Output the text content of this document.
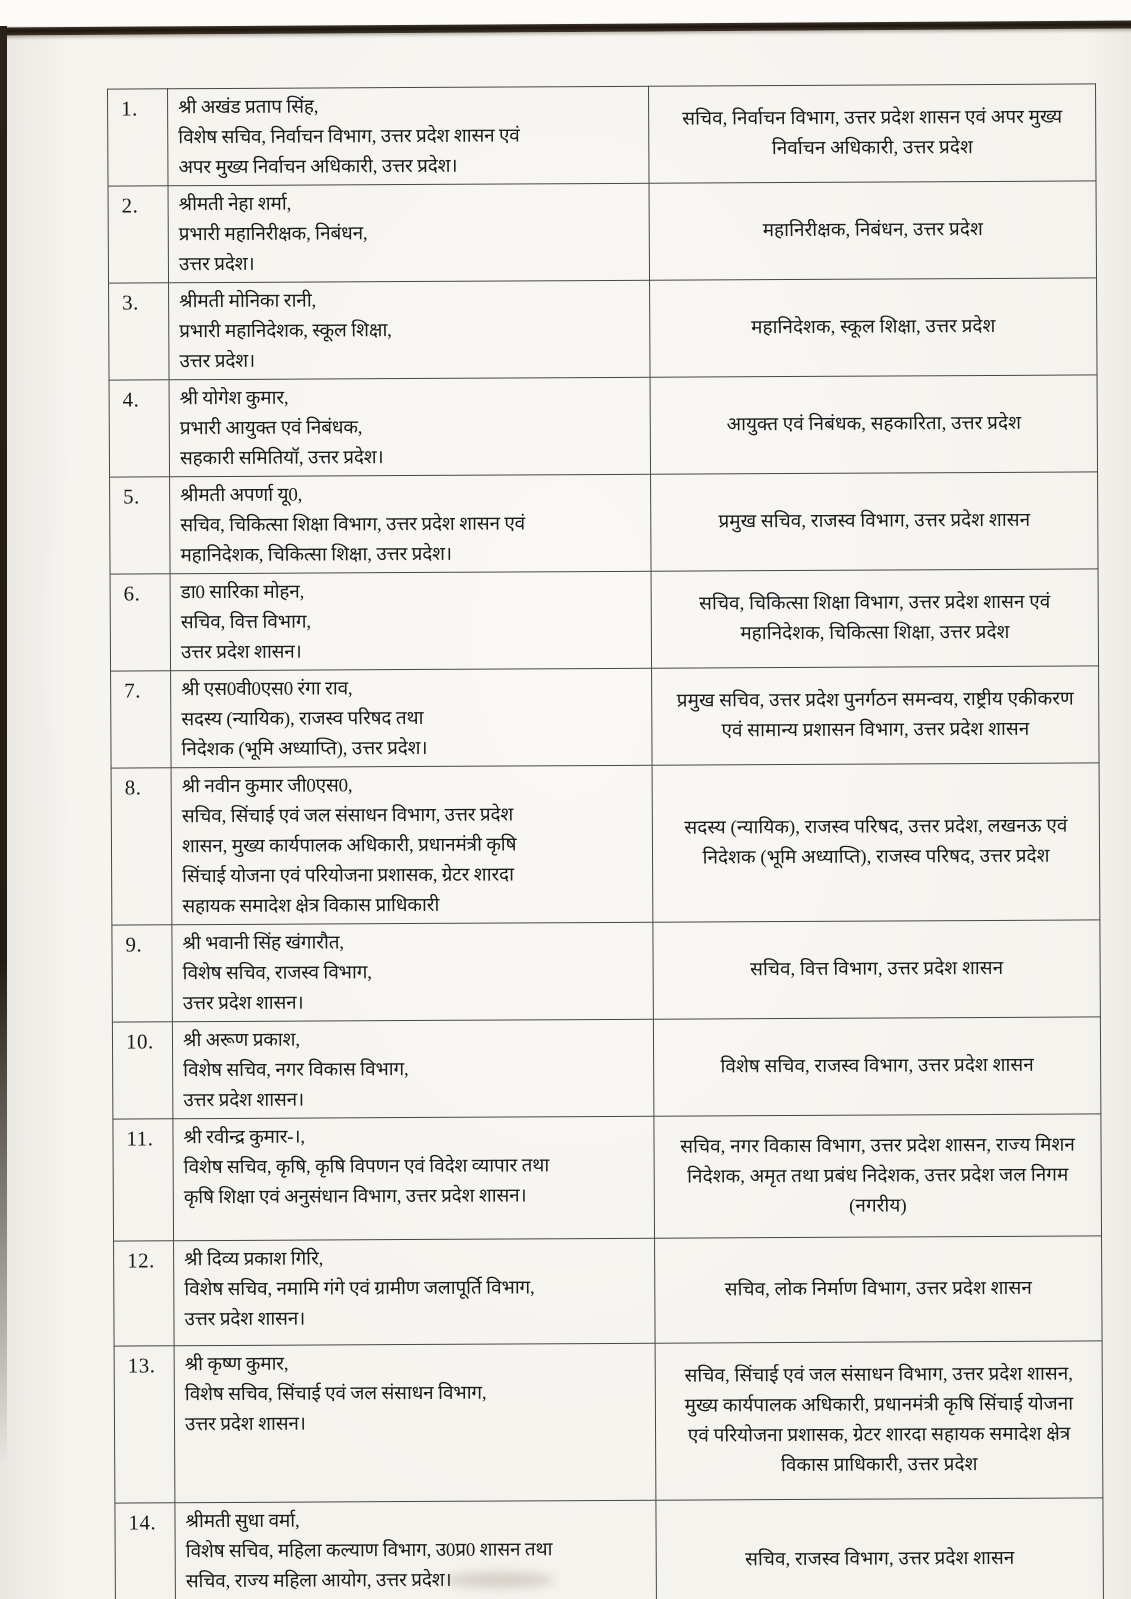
1.	श्री अखंड प्रताप सिंह,
विशेष सचिव, निर्वाचन विभाग, उत्तर प्रदेश शासन एवं
अपर मुख्य निर्वाचन अधिकारी, उत्तर प्रदेश।	सचिव, निर्वाचन विभाग, उत्तर प्रदेश शासन एवं अपर मुख्य निर्वाचन अधिकारी, उत्तर प्रदेश
2.	श्रीमती नेहा शर्मा,
प्रभारी महानिरीक्षक, निबंधन,
उत्तर प्रदेश।	महानिरीक्षक, निबंधन, उत्तर प्रदेश
3.	श्रीमती मोनिका रानी,
प्रभारी महानिदेशक, स्कूल शिक्षा,
उत्तर प्रदेश।	महानिदेशक, स्कूल शिक्षा, उत्तर प्रदेश
4.	श्री योगेश कुमार,
प्रभारी आयुक्त एवं निबंधक,
सहकारी समितियॉ, उत्तर प्रदेश।	आयुक्त एवं निबंधक, सहकारिता, उत्तर प्रदेश
5.	श्रीमती अपर्णा यू0,
सचिव, चिकित्सा शिक्षा विभाग, उत्तर प्रदेश शासन एवं
महानिदेशक, चिकित्सा शिक्षा, उत्तर प्रदेश।	प्रमुख सचिव, राजस्व विभाग, उत्तर प्रदेश शासन
6.	डा0 सारिका मोहन,
सचिव, वित्त विभाग,
उत्तर प्रदेश शासन।	सचिव, चिकित्सा शिक्षा विभाग, उत्तर प्रदेश शासन एवं महानिदेशक, चिकित्सा शिक्षा, उत्तर प्रदेश
7.	श्री एस0वी0एस0 रंगा राव,
सदस्य (न्यायिक), राजस्व परिषद तथा
निदेशक (भूमि अध्याप्ति), उत्तर प्रदेश।	प्रमुख सचिव, उत्तर प्रदेश पुनर्गठन समन्वय, राष्ट्रीय एकीकरण एवं सामान्य प्रशासन विभाग, उत्तर प्रदेश शासन
8.	श्री नवीन कुमार जी0एस0,
सचिव, सिंचाई एवं जल संसाधन विभाग, उत्तर प्रदेश
शासन, मुख्य कार्यपालक अधिकारी, प्रधानमंत्री कृषि
सिंचाई योजना एवं परियोजना प्रशासक, ग्रेटर शारदा
सहायक समादेश क्षेत्र विकास प्राधिकारी	सदस्य (न्यायिक), राजस्व परिषद, उत्तर प्रदेश, लखनऊ एवं निदेशक (भूमि अध्याप्ति), राजस्व परिषद, उत्तर प्रदेश
9.	श्री भवानी सिंह खंगारौत,
विशेष सचिव, राजस्व विभाग,
उत्तर प्रदेश शासन।	सचिव, वित्त विभाग, उत्तर प्रदेश शासन
10.	श्री अरूण प्रकाश,
विशेष सचिव, नगर विकास विभाग,
उत्तर प्रदेश शासन।	विशेष सचिव, राजस्व विभाग, उत्तर प्रदेश शासन
11.	श्री रवीन्द्र कुमार-।,
विशेष सचिव, कृषि, कृषि विपणन एवं विदेश व्यापार तथा
कृषि शिक्षा एवं अनुसंधान विभाग, उत्तर प्रदेश शासन।	सचिव, नगर विकास विभाग, उत्तर प्रदेश शासन, राज्य मिशन निदेशक, अमृत तथा प्रबंध निदेशक, उत्तर प्रदेश जल निगम (नगरीय)
12.	श्री दिव्य प्रकाश गिरि,
विशेष सचिव, नमामि गंगे एवं ग्रामीण जलापूर्ति विभाग,
उत्तर प्रदेश शासन।	सचिव, लोक निर्माण विभाग, उत्तर प्रदेश शासन
13.	श्री कृष्ण कुमार,
विशेष सचिव, सिंचाई एवं जल संसाधन विभाग,
उत्तर प्रदेश शासन।	सचिव, सिंचाई एवं जल संसाधन विभाग, उत्तर प्रदेश शासन, मुख्य कार्यपालक अधिकारी, प्रधानमंत्री कृषि सिंचाई योजना एवं परियोजना प्रशासक, ग्रेटर शारदा सहायक समादेश क्षेत्र विकास प्राधिकारी, उत्तर प्रदेश
14.	श्रीमती सुधा वर्मा,
विशेष सचिव, महिला कल्याण विभाग, उ0प्र0 शासन तथा
सचिव, राज्य महिला आयोग, उत्तर प्रदेश।	सचिव, राजस्व विभाग, उत्तर प्रदेश शासन
